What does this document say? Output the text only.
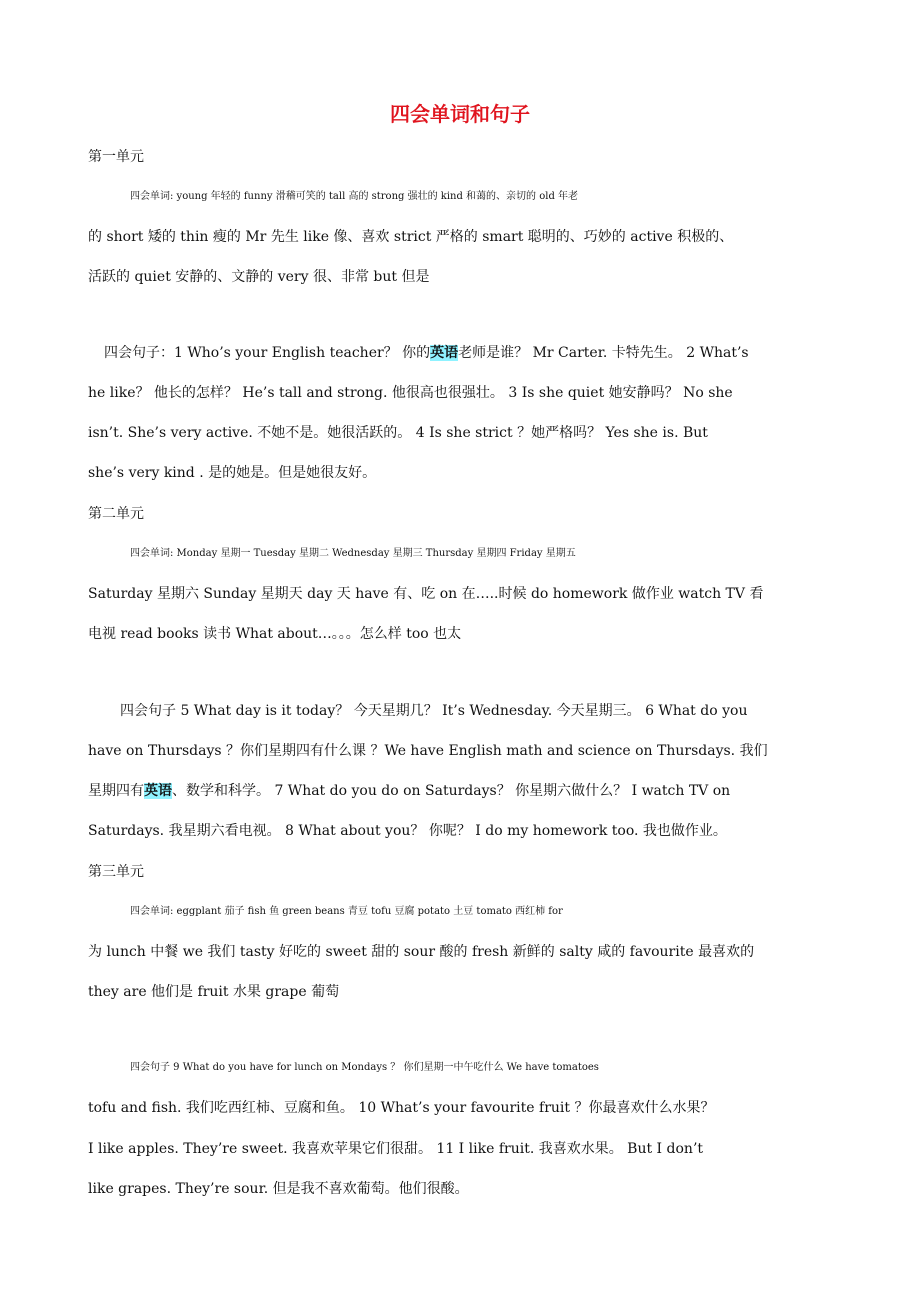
四会单词和句子
第一单元
四会单词: young 年轻的 funny 滑稽可笑的 tall 高的 strong 强壮的 kind 和蔼的、亲切的 old 年老
的 short 矮的 thin 瘦的 Mr 先生 like 像、喜欢 strict 严格的 smart 聪明的、巧妙的 active 积极的、
活跃的 quiet 安静的、文静的 very 很、非常 but 但是
四会句子：1 Who’s your English teacher？ 你的英语老师是谁？ Mr Carter. 卡特先生。 2 What’s
he like？ 他长的怎样？ He’s tall and strong. 他很高也很强壮。 3 Is she quiet 她安静吗？ No she
isn’t. She’s very active. 不她不是。她很活跃的。 4 Is she strict ？她严格吗？ Yes she is. But
she’s very kind . 是的她是。但是她很友好。
第二单元
四会单词: Monday 星期一 Tuesday 星期二 Wednesday 星期三 Thursday 星期四 Friday 星期五
Saturday 星期六 Sunday 星期天 day 天 have 有、吃 on 在…..时候 do homework 做作业 watch TV 看
电视 read books 读书 What about…。。。怎么样 too 也太
四会句子 5 What day is it today？ 今天星期几？ It’s Wednesday. 今天星期三。 6 What do you
have on Thursdays ？你们星期四有什么课 ？We have English math and science on Thursdays. 我们
星期四有英语、数学和科学。 7 What do you do on Saturdays？ 你星期六做什么？ I watch TV on
Saturdays. 我星期六看电视。 8 What about you？ 你呢？ I do my homework too. 我也做作业。
第三单元
四会单词: eggplant 茄子 fish 鱼 green beans 青豆 tofu 豆腐 potato 土豆 tomato 西红柿 for
为 lunch 中餐 we 我们 tasty 好吃的 sweet 甜的 sour 酸的 fresh 新鲜的 salty 咸的 favourite 最喜欢的
they are 他们是 fruit 水果 grape 葡萄
四会句子 9 What do you have for lunch on Mondays ？ 你们星期一中午吃什么 We have tomatoes
tofu and fish. 我们吃西红柿、豆腐和鱼。 10 What’s your favourite fruit ？你最喜欢什么水果？
I like apples. They’re sweet. 我喜欢苹果它们很甜。 11 I like fruit. 我喜欢水果。 But I don’t
like grapes. They’re sour. 但是我不喜欢葡萄。他们很酸。
